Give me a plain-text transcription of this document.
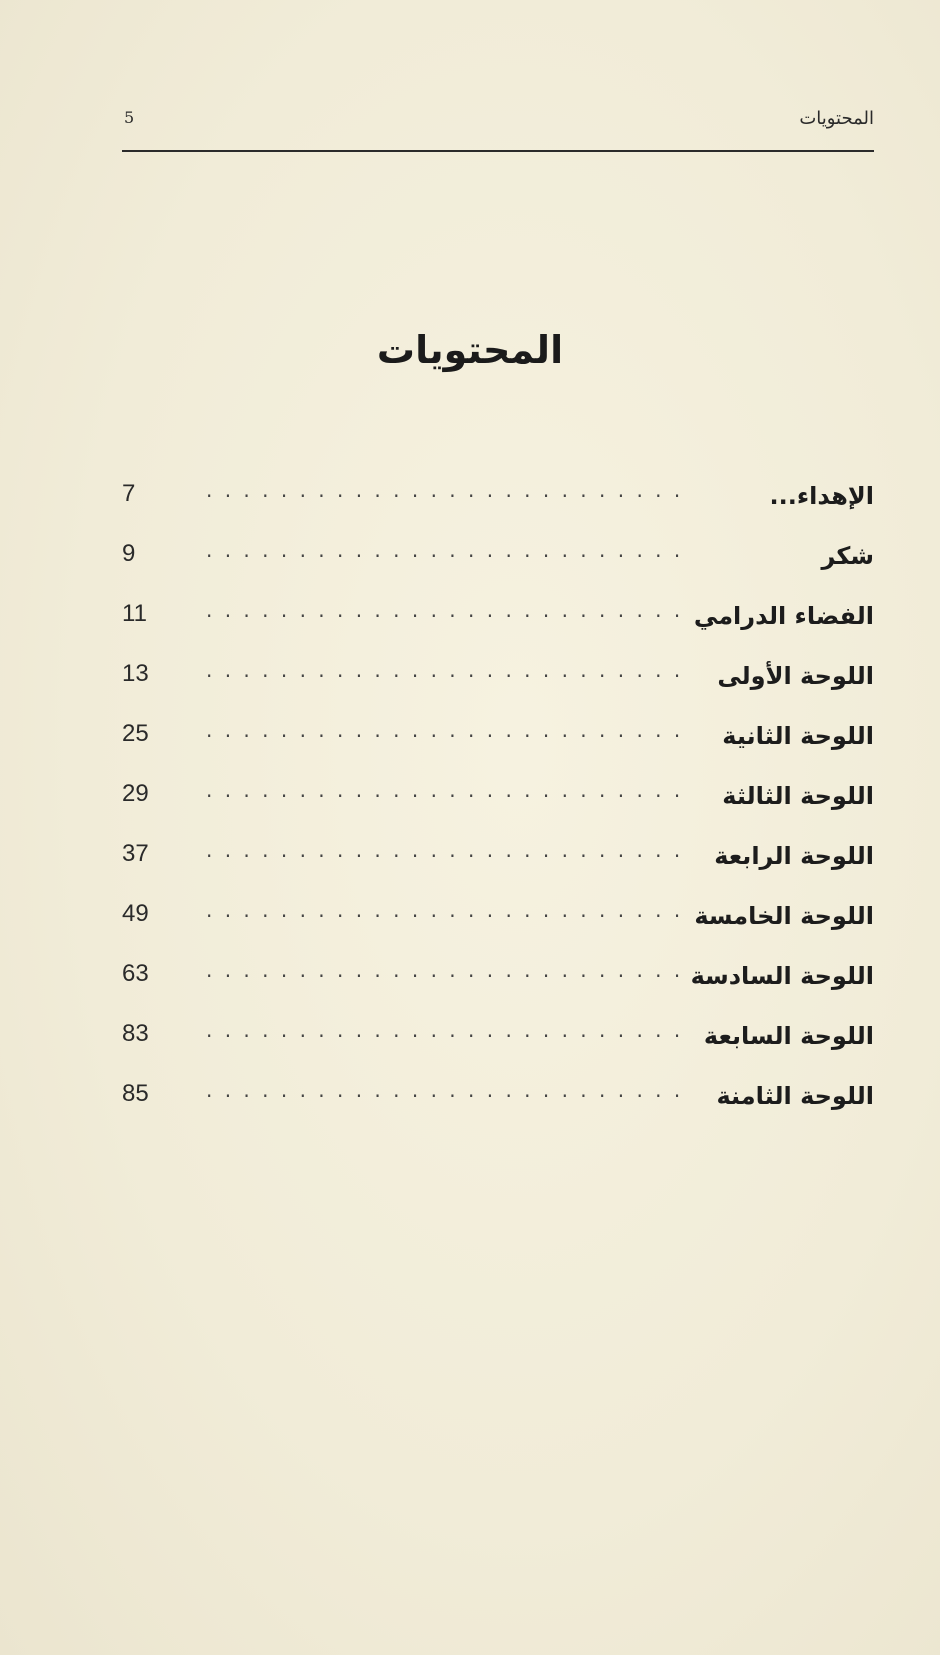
5	المحتويات
المحتويات
7	. . . . . . . . . . . . . . . . . . . . . . . . . .	الإهداء...
9	. . . . . . . . . . . . . . . . . . . . . . . . . .	شكر
11	. . . . . . . . . . . . . . . . . . . . . . . . . . الفضاء الدرامي
13	. . . . . . . . . . . . . . . . . . . . . . . . . .	اللوحة الأولى
25	. . . . . . . . . . . . . . . . . . . . . . . . . .	اللوحة الثانية
29	. . . . . . . . . . . . . . . . . . . . . . . . . .	اللوحة الثالثة
37	. . . . . . . . . . . . . . . . . . . . . . . . . .	اللوحة الرابعة
49	. . . . . . . . . . . . . . . . . . . . . . . . . . اللوحة الخامسة
63	. . . . . . . . . . . . . . . . . . . . . . . . . . اللوحة السادسة
83	. . . . . . . . . . . . . . . . . . . . . . . . . . اللوحة السابعة
85	. . . . . . . . . . . . . . . . . . . . . . . . . .	اللوحة الثامنة
